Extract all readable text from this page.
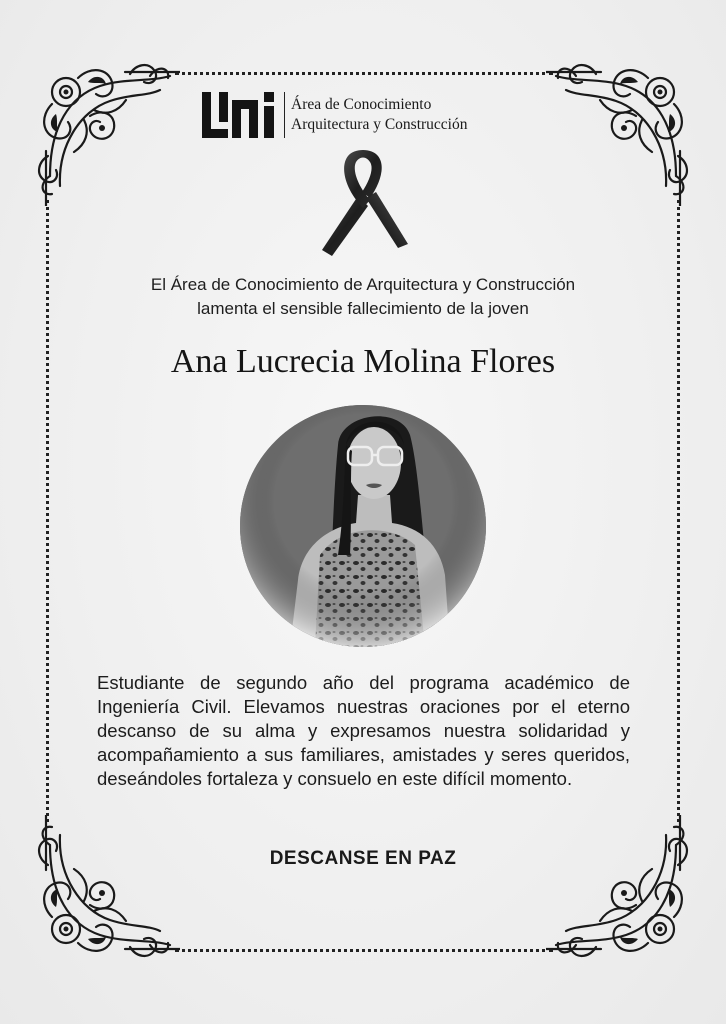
Área de Conocimiento
Arquitectura y Construcción
El Área de Conocimiento de Arquitectura y Construcción
lamenta el sensible fallecimiento de la joven
Ana Lucrecia Molina Flores
Estudiante de segundo año del programa académico de Ingeniería Civil. Elevamos nuestras oraciones por el eterno descanso de su alma y expresamos nuestra solidaridad y acompañamiento a sus familiares, amistades y seres queridos, deseándoles fortaleza y consuelo en este difícil momento.
DESCANSE EN PAZ
